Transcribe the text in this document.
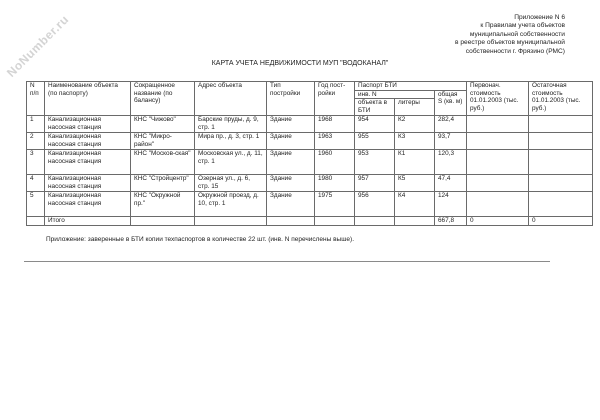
NoNumber.ru	Приложение N 6
к Правилам учета объектов
муниципальной собственности
в реестре объектов муниципальной
собственности г. Фрязино (РМС)
КАРТА УЧЕТА НЕДВИЖИМОСТИ МУП "ВОДОКАНАЛ"
N п/п	Наименование объекта (по паспорту)	Сокращенное название (по балансу)	Адрес объекта	Тип постройки	Год пост-ройки	Паспорт БТИ			Первонач. стоимость 01.01.2003 (тыс. руб.)	Остаточная стоимость 01.01.2003 (тыс. руб.)
						инв. N		общая S (кв. м)		
						объекта в БТИ	литеры			
1	Канализационная насосная станция	КНС "Чижово"	Барские пруды, д. 9, стр. 1	Здание	1968	954	К2	282,4		
2	Канализационная насосная станция	КНС "Микро-район"	Мира пр., д. 3, стр. 1	Здание	1963	955	К3	93,7		
3	Канализационная насосная станция	КНС "Москов-ская"	Московская ул., д. 11, стр. 1	Здание	1960	953	К1	120,3		
4	Канализационная насосная станция	КНС "Стройцентр"	Озерная ул., д. 6, стр. 15	Здание	1980	957	К5	47,4		
5	Канализационная насосная станция	КНС "Окружной пр."	Окружной проезд, д. 10, стр. 1	Здание	1975	956	К4	124		
	Итого							667,8	0	0
Приложение: заверенные в БТИ копии техпаспортов в количестве 22 шт. (инв. N перечислены выше).
